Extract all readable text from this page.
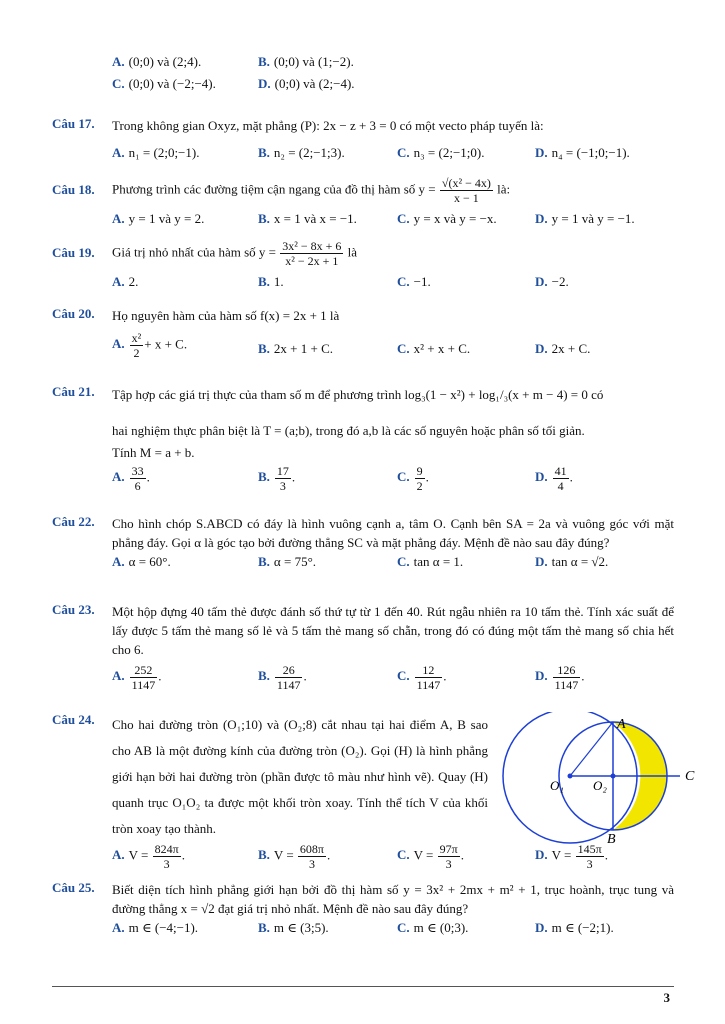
A. (0;0) và (2;4).	B. (0;0) và (1;−2).
C. (0;0) và (−2;−4).	D. (0;0) và (2;−4).
Câu 17. Trong không gian Oxyz, mặt phẳng (P): 2x − z + 3 = 0 có một vecto pháp tuyến là:
A. n₁ = (2;0;−1).	B. n₂ = (2;−1;3).	C. n₃ = (2;−1;0).	D. n₄ = (−1;0;−1).
Câu 18. Phương trình các đường tiệm cận ngang của đồ thị hàm số $y = \frac{\text{√(x² − 4x)}}{x - 1}$ là:
A. y = 1 và y = 2.	B. x = 1 và x = −1.	C. y = x và y = −x.	D. y = 1 và y = −1.
Câu 19. Giá trị nhỏ nhất của hàm số $y = \frac{\text{3x² − 8x + 6}}{\text{x² − 2x + 1}}$ là
A. 2.	B. 1.	C. −1.	D. −2.
Câu 20. Họ nguyên hàm của hàm số f(x) = 2x + 1 là
A. $\frac{\text{x²}}{2} + x + C$.	B. 2x + 1 + C.	C. x² + x + C.	D. 2x + C.
Câu 21. Tập hợp các giá trị thực của tham số m để phương trình log₃(1 − x²) + log₁/₃(x + m − 4) = 0 có
hai nghiệm thực phân biệt là T = (a;b), trong đó a,b là các số nguyên hoặc phân số tối giản.
Tính M = a + b.
A. $\frac{33}{6}$ .	B. $\frac{17}{3}$ .	C. $\frac{9}{2}$ .	D. $\frac{41}{4}$ .
Câu 22. Cho hình chóp S.ABCD có đáy là hình vuông cạnh a, tâm O. Cạnh bên SA = 2a và vuông góc với mặt phẳng đáy. Gọi α là góc tạo bởi đường thẳng SC và mặt phẳng đáy. Mệnh đề nào sau đây đúng?
A. α = 60°.	B. α = 75°.	C. tan α = 1.	D. tan α = √2.
Câu 23. Một hộp đựng 40 tấm thẻ được đánh số thứ tự từ 1 đến 40. Rút ngẫu nhiên ra 10 tấm thẻ. Tính xác suất để lấy được 5 tấm thẻ mang số lẻ và 5 tấm thẻ mang số chẵn, trong đó có đúng một tấm thẻ mang số chia hết cho 6.
A. $\frac{252}{1147}$ .	B. $\frac{26}{1147}$ .	C. $\frac{12}{1147}$ .	D. $\frac{126}{1147}$ .
Câu 24. Cho hai đường tròn (O₁;10) và (O₂;8) cắt nhau tại hai điểm A, B sao cho AB là một đường kính của đường tròn (O₂). Gọi (H) là hình phẳng giới hạn bởi hai đường tròn (phần được tô màu như hình vẽ). Quay (H) quanh trục O₁O₂ ta được một khối tròn xoay. Tính thể tích V của khối tròn xoay tạo thành.
A. $V = \frac{824\pi}{3}$ .	B. $V = \frac{608\pi}{3}$ .	C. $V = \frac{97\pi}{3}$ .	D. $V = \frac{145\pi}{3}$ .
A
B
C
O₁ O₂
Câu 25. Biết diện tích hình phẳng giới hạn bởi đồ thị hàm số y = 3x² + 2mx + m² + 1, trục hoành, trục tung và đường thẳng x = √2 đạt giá trị nhỏ nhất. Mệnh đề nào sau đây đúng?
A. m ∈ (−4;−1).	B. m ∈ (3;5).	C. m ∈ (0;3).	D. m ∈ (−2;1).
3
